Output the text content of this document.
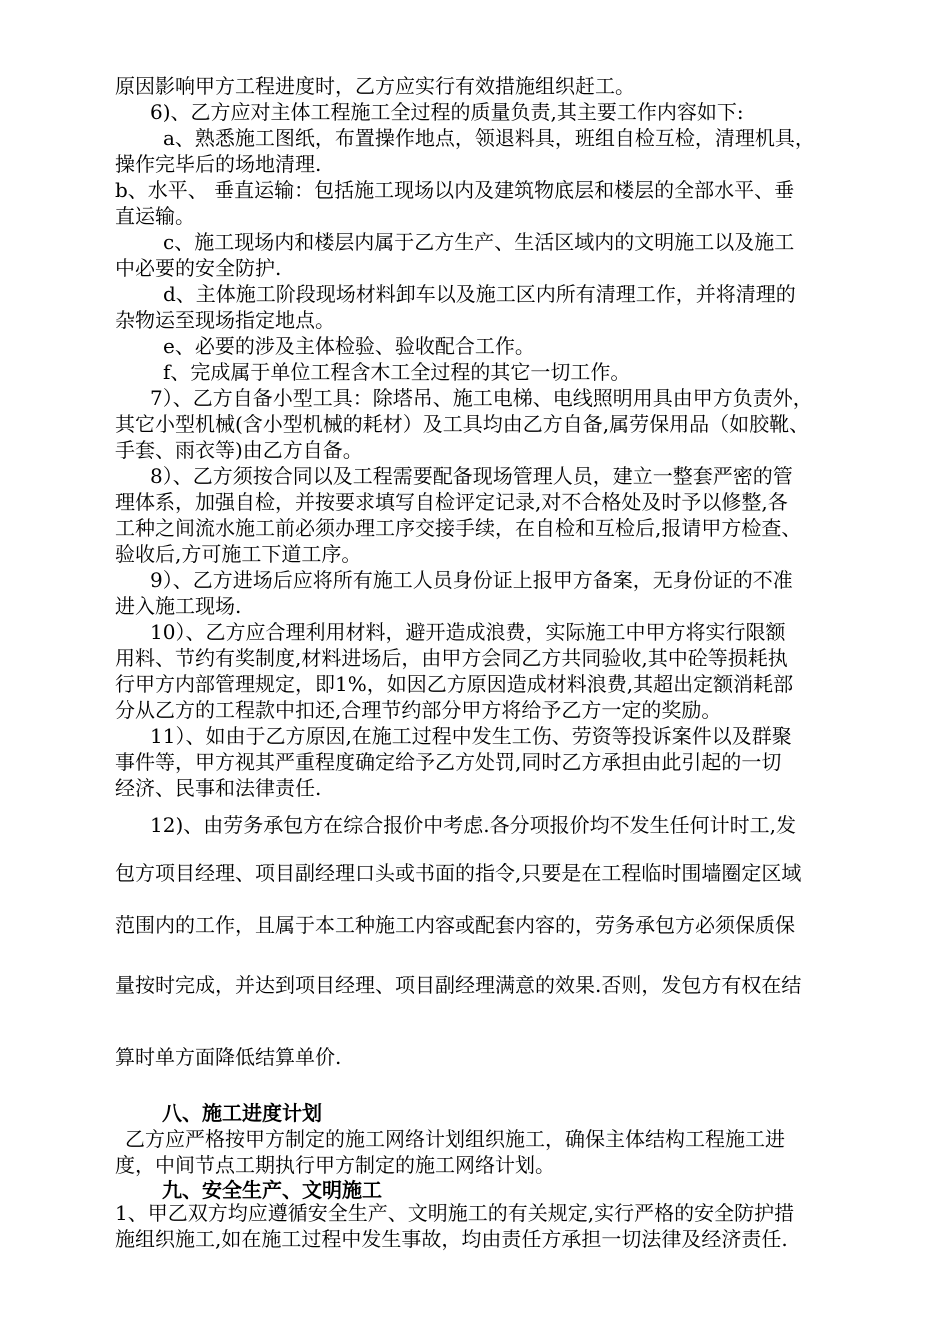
原因影响甲方工程进度时，乙方应实行有效措施组织赶工。
6)、乙方应对主体工程施工全过程的质量负责,其主要工作内容如下:
a、熟悉施工图纸，布置操作地点，领退料具，班组自检互检，清理机具，
操作完毕后的场地清理.
b、水平、 垂直运输：包括施工现场以内及建筑物底层和楼层的全部水平、垂
直运输。
c、施工现场内和楼层内属于乙方生产、生活区域内的文明施工以及施工
中必要的安全防护.
d、主体施工阶段现场材料卸车以及施工区内所有清理工作，并将清理的
杂物运至现场指定地点。
e、必要的涉及主体检验、验收配合工作。
f、完成属于单位工程含木工全过程的其它一切工作。
7）、乙方自备小型工具：除塔吊、施工电梯、电线照明用具由甲方负责外，
其它小型机械(含小型机械的耗材）及工具均由乙方自备,属劳保用品（如胶靴、
手套、雨衣等)由乙方自备。
8）、乙方须按合同以及工程需要配备现场管理人员，建立一整套严密的管
理体系，加强自检，并按要求填写自检评定记录,对不合格处及时予以修整,各
工种之间流水施工前必须办理工序交接手续，在自检和互检后,报请甲方检查、
验收后,方可施工下道工序。
9）、乙方进场后应将所有施工人员身份证上报甲方备案，无身份证的不准
进入施工现场.
10）、乙方应合理利用材料，避开造成浪费，实际施工中甲方将实行限额
用料、节约有奖制度,材料进场后，由甲方会同乙方共同验收,其中砼等损耗执
行甲方内部管理规定，即1%，如因乙方原因造成材料浪费,其超出定额消耗部
分从乙方的工程款中扣还,合理节约部分甲方将给予乙方一定的奖励。
11）、如由于乙方原因,在施工过程中发生工伤、劳资等投诉案件以及群聚
事件等，甲方视其严重程度确定给予乙方处罚,同时乙方承担由此引起的一切
经济、民事和法律责任.
12)、由劳务承包方在综合报价中考虑.各分项报价均不发生任何计时工,发
包方项目经理、项目副经理口头或书面的指令,只要是在工程临时围墙圈定区域
范围内的工作，且属于本工种施工内容或配套内容的，劳务承包方必须保质保
量按时完成，并达到项目经理、项目副经理满意的效果.否则，发包方有权在结
算时单方面降低结算单价.
八、施工进度计划
乙方应严格按甲方制定的施工网络计划组织施工，确保主体结构工程施工进
度，中间节点工期执行甲方制定的施工网络计划。
九、安全生产、文明施工
1、甲乙双方均应遵循安全生产、文明施工的有关规定,实行严格的安全防护措
施组织施工,如在施工过程中发生事故，均由责任方承担一切法律及经济责任.
